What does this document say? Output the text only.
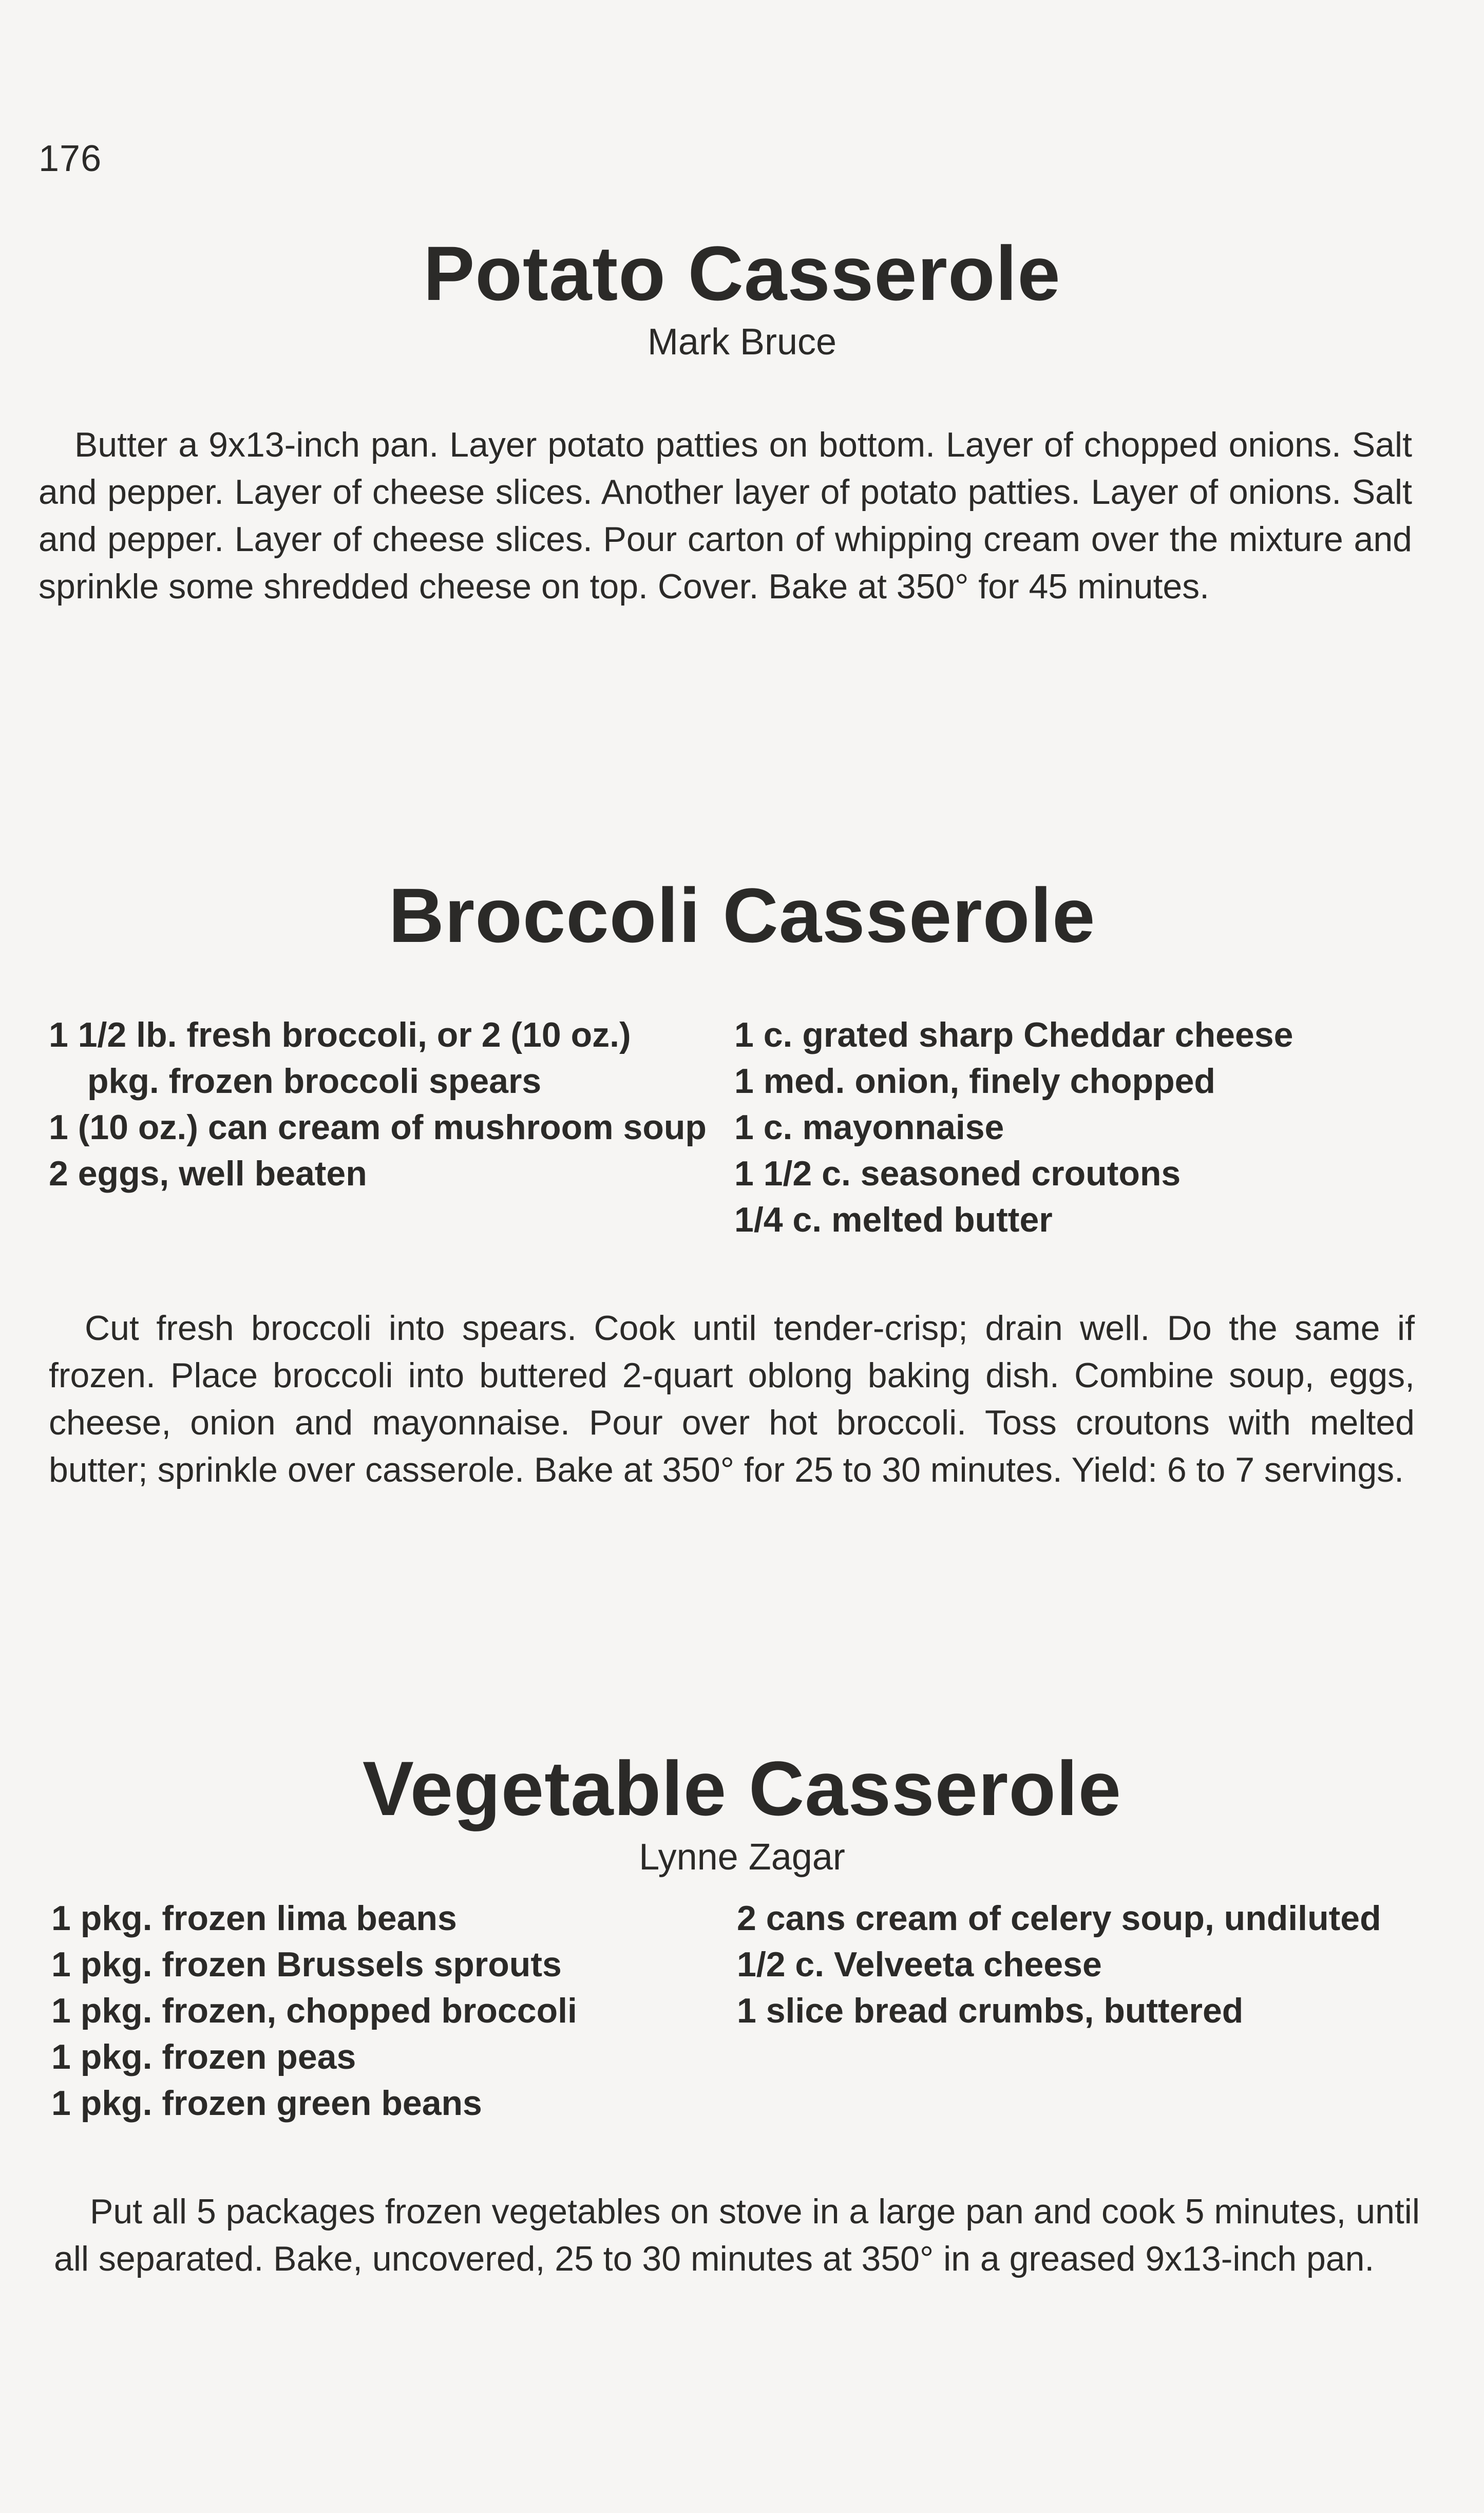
176
Potato Casserole
Mark Bruce

Butter a 9x13-inch pan. Layer potato patties on bottom. Layer of chopped onions. Salt and pepper. Layer of cheese slices. Another layer of potato patties. Layer of onions. Salt and pepper. Layer of cheese slices. Pour carton of whipping cream over the mixture and sprinkle some shredded cheese on top. Cover. Bake at 350° for 45 minutes.

Broccoli Casserole
1 1/2 lb. fresh broccoli, or 2 (10 oz.) pkg. frozen broccoli spears
1 (10 oz.) can cream of mushroom soup
2 eggs, well beaten
1 c. grated sharp Cheddar cheese
1 med. onion, finely chopped
1 c. mayonnaise
1 1/2 c. seasoned croutons
1/4 c. melted butter

Cut fresh broccoli into spears. Cook until tender-crisp; drain well. Do the same if frozen. Place broccoli into buttered 2-quart oblong baking dish. Combine soup, eggs, cheese, onion and mayonnaise. Pour over hot broccoli. Toss croutons with melted butter; sprinkle over casserole. Bake at 350° for 25 to 30 minutes. Yield: 6 to 7 servings.

Vegetable Casserole
Lynne Zagar
1 pkg. frozen lima beans
1 pkg. frozen Brussels sprouts
1 pkg. frozen, chopped broccoli
1 pkg. frozen peas
1 pkg. frozen green beans
2 cans cream of celery soup, undiluted
1/2 c. Velveeta cheese
1 slice bread crumbs, buttered

Put all 5 packages frozen vegetables on stove in a large pan and cook 5 minutes, until all separated. Bake, uncovered, 25 to 30 minutes at 350° in a greased 9x13-inch pan.
